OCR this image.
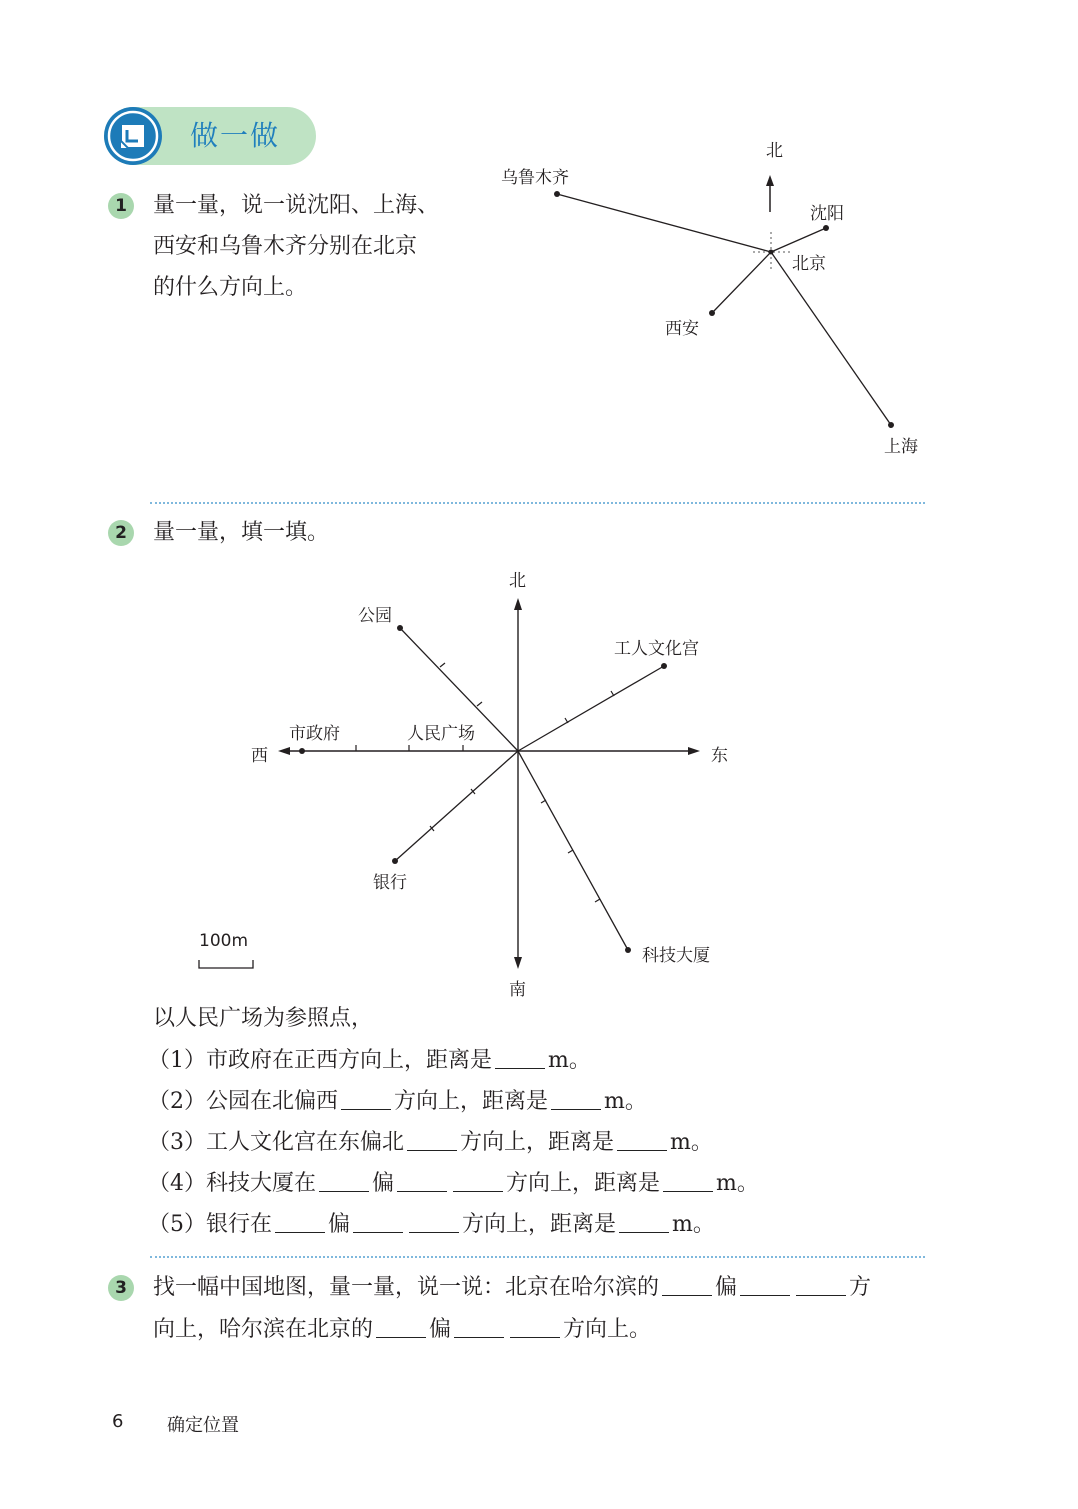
做一做
1	量一量，说一说沈阳、上海、
西安和乌鲁木齐分别在北京
的什么方向上。
北
乌鲁木齐
沈阳
北京
西安
上海
2	量一量，填一填。
100m
北
南
东
西
公园
工人文化宫
市政府	人民广场
银行
科技大厦
以人民广场为参照点，
（1）市政府在正西方向上，距离是	m。
（2）公园在北偏西	方向上，距离是	m。
（3）工人文化宫在东偏北	方向上，距离是	m。
（4）科技大厦在	偏	方向上，距离是	m。
（5）银行在	偏	方向上，距离是	m。
3	找一幅中国地图，量一量，说一说：北京在哈尔滨的	偏	方
向上，哈尔滨在北京的	偏	方向上。
6 确定位置
